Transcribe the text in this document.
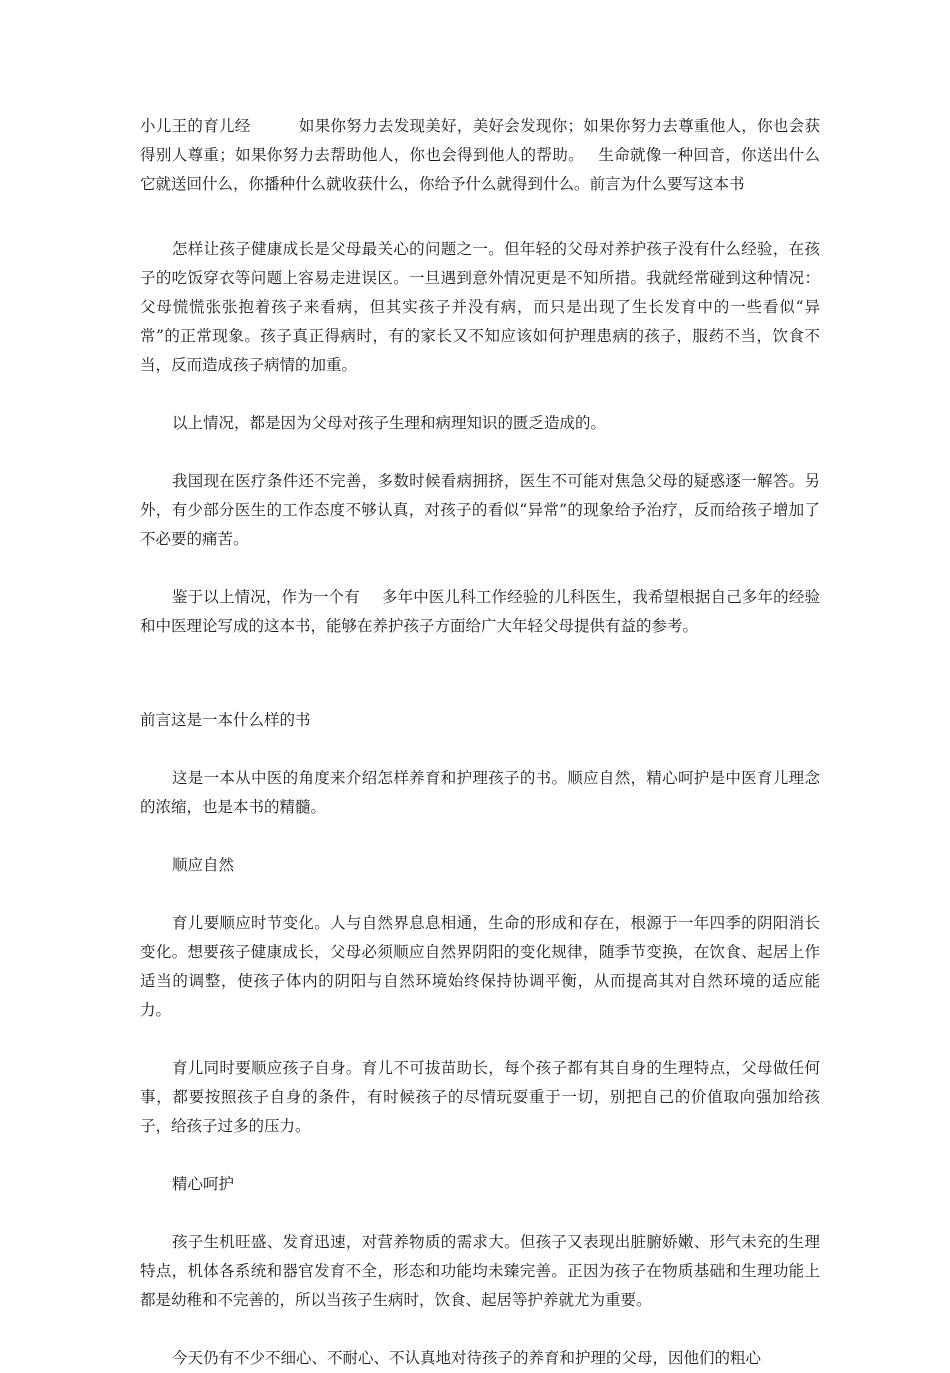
小儿王的育儿经	如果你努力去发现美好，美好会发现你；如果你努力去尊重他人，你也会获得别人尊重；如果你努力去帮助他人，你也会得到他人的帮助。 生命就像一种回音，你送出什么它就送回什么，你播种什么就收获什么，你给予什么就得到什么。前言为什么要写这本书

怎样让孩子健康成长是父母最关心的问题之一。但年轻的父母对养护孩子没有什么经验，在孩子的吃饭穿衣等问题上容易走进误区。一旦遇到意外情况更是不知所措。我就经常碰到这种情况：父母慌慌张张抱着孩子来看病，但其实孩子并没有病，而只是出现了生长发育中的一些看似“异常”的正常现象。孩子真正得病时，有的家长又不知应该如何护理患病的孩子，服药不当，饮食不当，反而造成孩子病情的加重。

以上情况，都是因为父母对孩子生理和病理知识的匮乏造成的。

我国现在医疗条件还不完善，多数时候看病拥挤，医生不可能对焦急父母的疑惑逐一解答。另外，有少部分医生的工作态度不够认真，对孩子的看似“异常”的现象给予治疗，反而给孩子增加了不必要的痛苦。

鉴于以上情况，作为一个有 多年中医儿科工作经验的儿科医生，我希望根据自己多年的经验和中医理论写成的这本书，能够在养护孩子方面给广大年轻父母提供有益的参考。

前言这是一本什么样的书

这是一本从中医的角度来介绍怎样养育和护理孩子的书。顺应自然，精心呵护是中医育儿理念的浓缩，也是本书的精髓。

顺应自然

育儿要顺应时节变化。人与自然界息息相通，生命的形成和存在，根源于一年四季的阴阳消长变化。想要孩子健康成长，父母必须顺应自然界阴阳的变化规律，随季节变换，在饮食、起居上作适当的调整，使孩子体内的阴阳与自然环境始终保持协调平衡，从而提高其对自然环境的适应能力。

育儿同时要顺应孩子自身。育儿不可拔苗助长，每个孩子都有其自身的生理特点，父母做任何事，都要按照孩子自身的条件，有时候孩子的尽情玩耍重于一切，别把自己的价值取向强加给孩子，给孩子过多的压力。

精心呵护

孩子生机旺盛、发育迅速，对营养物质的需求大。但孩子又表现出脏腑娇嫩、形气未充的生理特点，机体各系统和器官发育不全，形态和功能均未臻完善。正因为孩子在物质基础和生理功能上都是幼稚和不完善的，所以当孩子生病时，饮食、起居等护养就尤为重要。

今天仍有不少不细心、不耐心、不认真地对待孩子的养育和护理的父母，因他们的粗心
